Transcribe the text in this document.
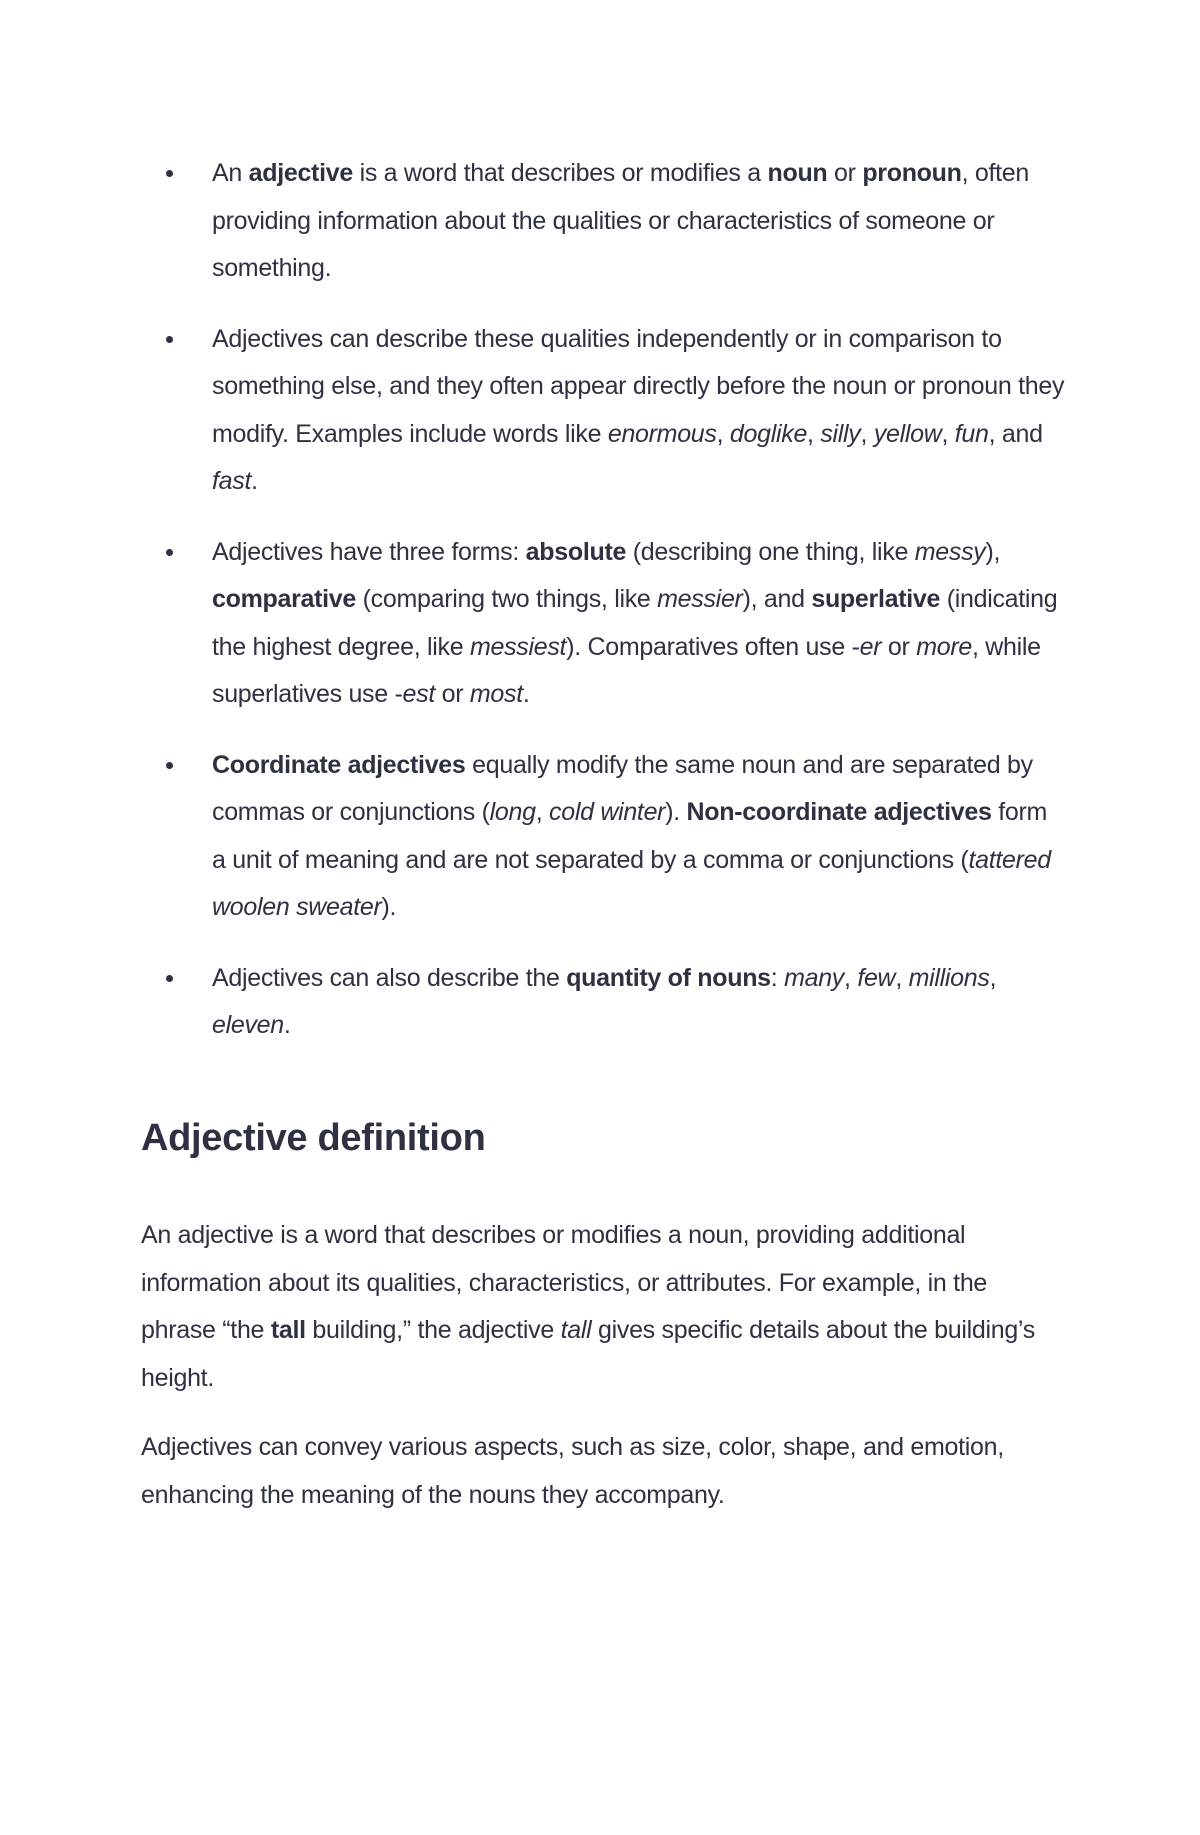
An adjective is a word that describes or modifies a noun or pronoun, often providing information about the qualities or characteristics of someone or something.
Adjectives can describe these qualities independently or in comparison to something else, and they often appear directly before the noun or pronoun they modify. Examples include words like enormous, doglike, silly, yellow, fun, and fast.
Adjectives have three forms: absolute (describing one thing, like messy), comparative (comparing two things, like messier), and superlative (indicating the highest degree, like messiest). Comparatives often use -er or more, while superlatives use -est or most.
Coordinate adjectives equally modify the same noun and are separated by commas or conjunctions (long, cold winter). Non-coordinate adjectives form a unit of meaning and are not separated by a comma or conjunctions (tattered woolen sweater).
Adjectives can also describe the quantity of nouns: many, few, millions, eleven.
Adjective definition

An adjective is a word that describes or modifies a noun, providing additional information about its qualities, characteristics, or attributes. For example, in the phrase “the tall building,” the adjective tall gives specific details about the building’s height.

Adjectives can convey various aspects, such as size, color, shape, and emotion, enhancing the meaning of the nouns they accompany.
